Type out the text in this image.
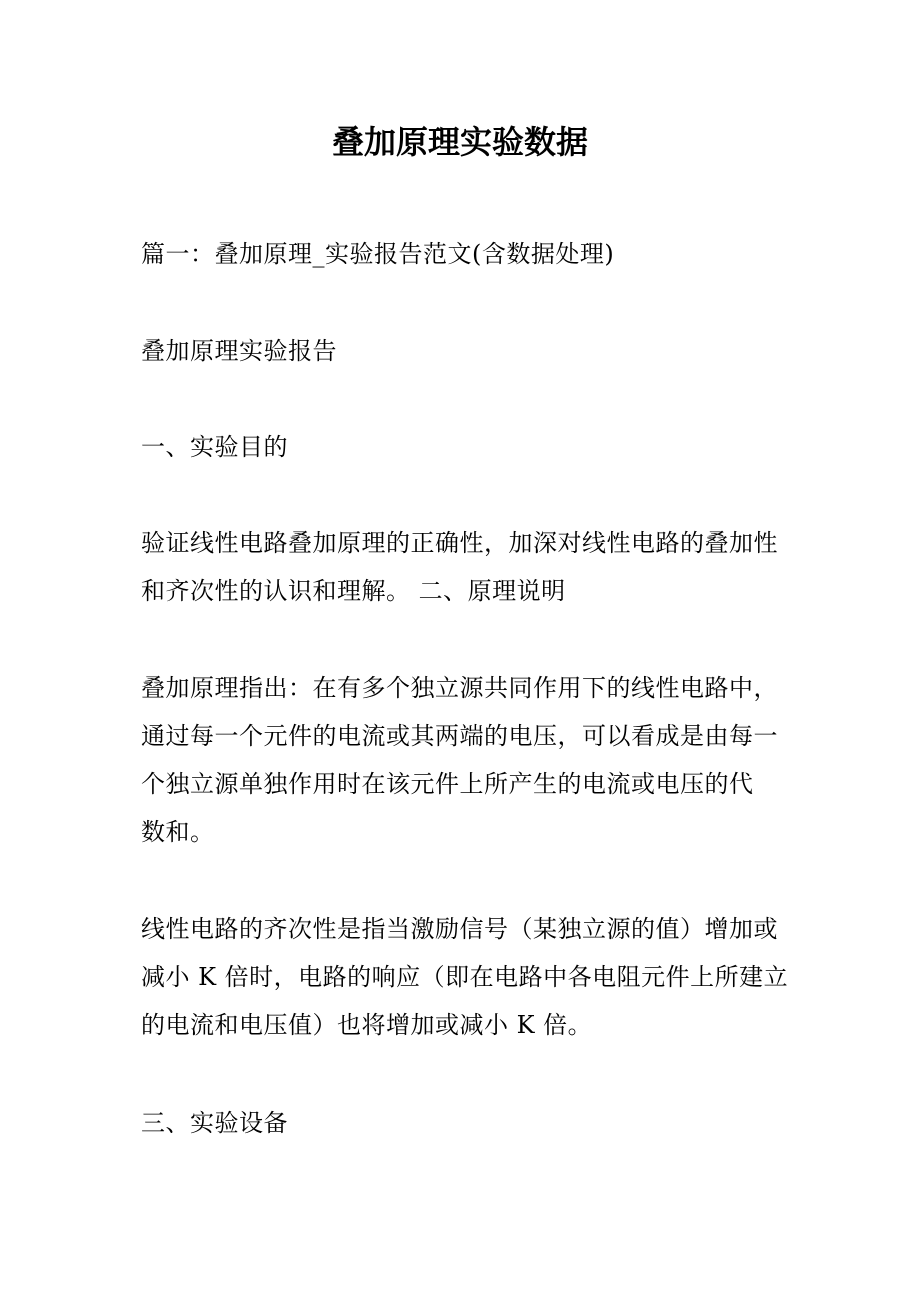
叠加原理实验数据

篇一：叠加原理_实验报告范文(含数据处理)

叠加原理实验报告

一、实验目的

验证线性电路叠加原理的正确性，加深对线性电路的叠加性
和齐次性的认识和理解。 二、原理说明

叠加原理指出：在有多个独立源共同作用下的线性电路中，
通过每一个元件的电流或其两端的电压，可以看成是由每一
个独立源单独作用时在该元件上所产生的电流或电压的代
数和。

线性电路的齐次性是指当激励信号（某独立源的值）增加或
减小 K 倍时，电路的响应（即在电路中各电阻元件上所建立
的电流和电压值）也将增加或减小 K 倍。

三、实验设备
